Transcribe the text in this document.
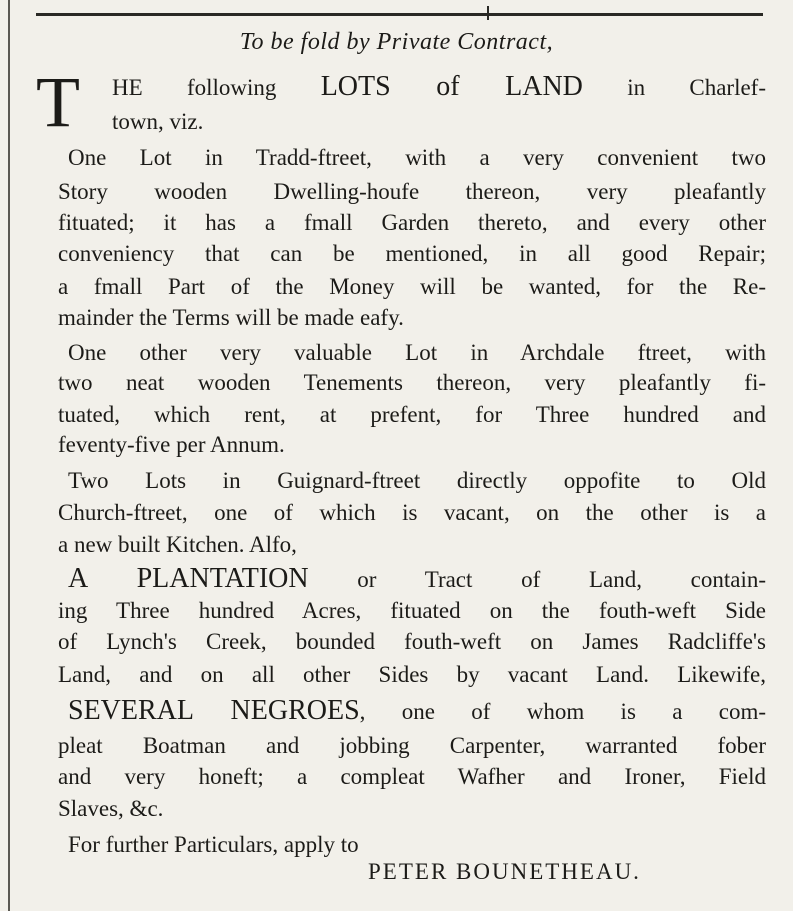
To be fold by Private Contract,
T HE following LOTS of LAND in Charlef-
town, viz.
One Lot in Tradd-ftreet, with a very convenient two
Story wooden Dwelling-houfe thereon, very pleafantly
fituated; it has a fmall Garden thereto, and every other
conveniency that can be mentioned, in all good Repair;
a fmall Part of the Money will be wanted, for the Re-
mainder the Terms will be made eafy.
One other very valuable Lot in Archdale ftreet, with
two neat wooden Tenements thereon, very pleafantly fi-
tuated, which rent, at prefent, for Three hundred and
feventy-five per Annum.
Two Lots in Guignard-ftreet directly oppofite to Old
Church-ftreet, one of which is vacant, on the other is a
a new built Kitchen. Alfo,
A PLANTATION or Tract of Land, contain-
ing Three hundred Acres, fituated on the fouth-weft Side
of Lynch's Creek, bounded fouth-weft on James Radcliffe's
Land, and on all other Sides by vacant Land. Likewife,
SEVERAL NEGROES, one of whom is a com-
pleat Boatman and jobbing Carpenter, warranted fober
and very honeft; a compleat Wafher and Ironer, Field
Slaves, &c.
For further Particulars, apply to
PETER BOUNETHEAU.
